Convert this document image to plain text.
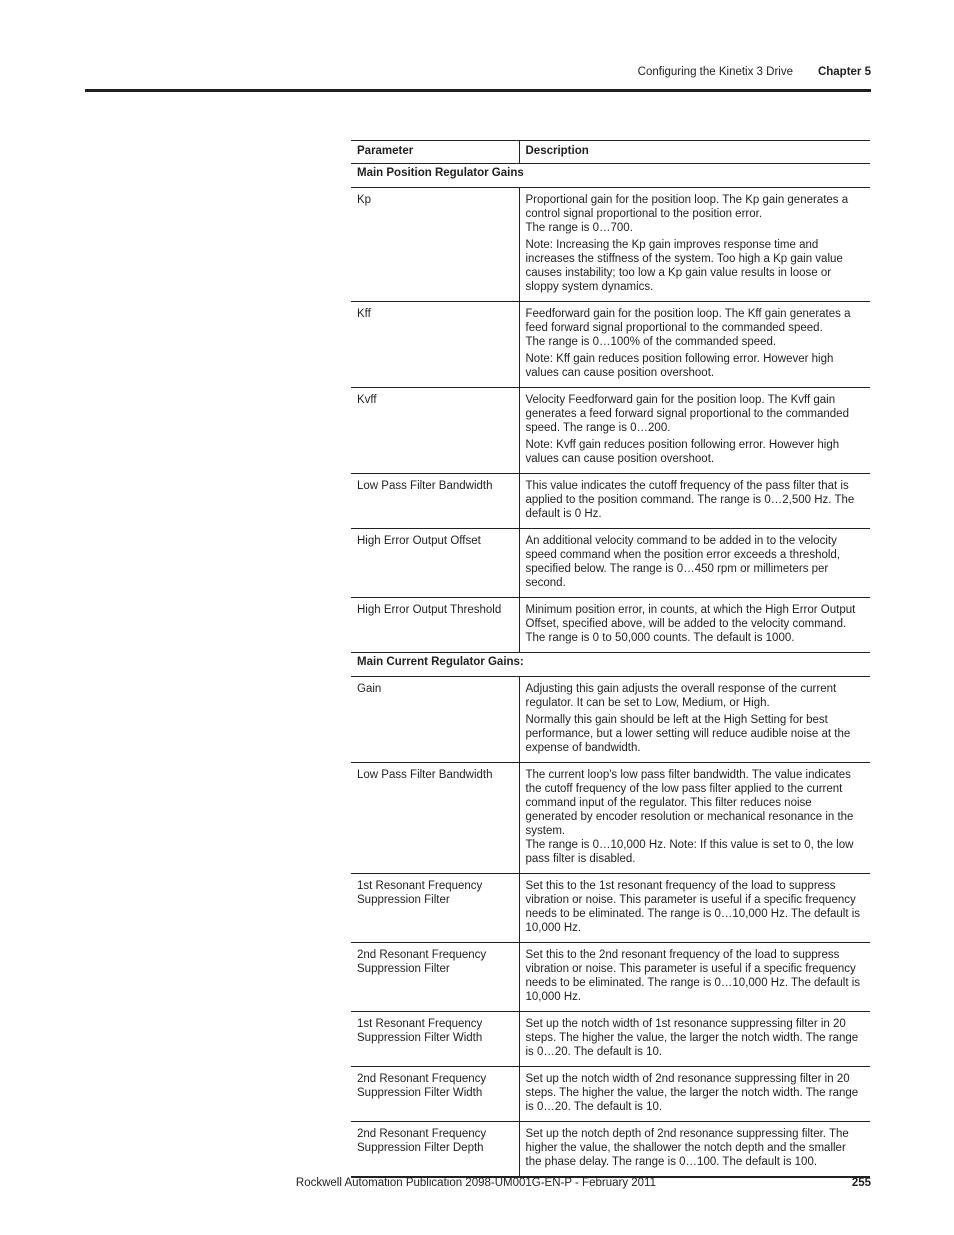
Configuring the Kinetix 3 Drive Chapter 5
Parameter	Description
Main Position Regulator Gains	
Kp	Proportional gain for the position loop. The Kp gain generates a control signal proportional to the position error.
The range is 0…700.

Note: Increasing the Kp gain improves response time and increases the stiffness of the system. Too high a Kp gain value causes instability; too low a Kp gain value results in loose or sloppy system dynamics.

Kff	Feedforward gain for the position loop. The Kff gain generates a feed forward signal proportional to the commanded speed.
The range is 0…100% of the commanded speed.

Note: Kff gain reduces position following error. However high values can cause position overshoot.

Kvff	Velocity Feedforward gain for the position loop. The Kvff gain generates a feed forward signal proportional to the commanded speed. The range is 0…200.

Note: Kvff gain reduces position following error. However high values can cause position overshoot.

Low Pass Filter Bandwidth	This value indicates the cutoff frequency of the pass filter that is applied to the position command. The range is 0…2,500 Hz. The default is 0 Hz.

High Error Output Offset	An additional velocity command to be added in to the velocity speed command when the position error exceeds a threshold, specified below. The range is 0…450 rpm or millimeters per second.

High Error Output Threshold	Minimum position error, in counts, at which the High Error Output Offset, specified above, will be added to the velocity command. The range is 0 to 50,000 counts. The default is 1000.

Main Current Regulator Gains:	
Gain	Adjusting this gain adjusts the overall response of the current regulator. It can be set to Low, Medium, or High.

Normally this gain should be left at the High Setting for best performance, but a lower setting will reduce audible noise at the expense of bandwidth.

Low Pass Filter Bandwidth	The current loop's low pass filter bandwidth. The value indicates the cutoff frequency of the low pass filter applied to the current command input of the regulator. This filter reduces noise generated by encoder resolution or mechanical resonance in the system.
The range is 0…10,000 Hz. Note: If this value is set to 0, the low pass filter is disabled.

1st Resonant Frequency
Suppression Filter	Set this to the 1st resonant frequency of the load to suppress vibration or noise. This parameter is useful if a specific frequency needs to be eliminated. The range is 0…10,000 Hz. The default is 10,000 Hz.

2nd Resonant Frequency
Suppression Filter	Set this to the 2nd resonant frequency of the load to suppress vibration or noise. This parameter is useful if a specific frequency needs to be eliminated. The range is 0…10,000 Hz. The default is 10,000 Hz.

1st Resonant Frequency
Suppression Filter Width	Set up the notch width of 1st resonance suppressing filter in 20 steps. The higher the value, the larger the notch width. The range is 0…20. The default is 10.

2nd Resonant Frequency
Suppression Filter Width	Set up the notch width of 2nd resonance suppressing filter in 20 steps. The higher the value, the larger the notch width. The range is 0…20. The default is 10.

2nd Resonant Frequency
Suppression Filter Depth	Set up the notch depth of 2nd resonance suppressing filter. The higher the value, the shallower the notch depth and the smaller the phase delay. The range is 0…100. The default is 100.

Rockwell Automation Publication 2098-UM001G-EN-P - February 2011	255
